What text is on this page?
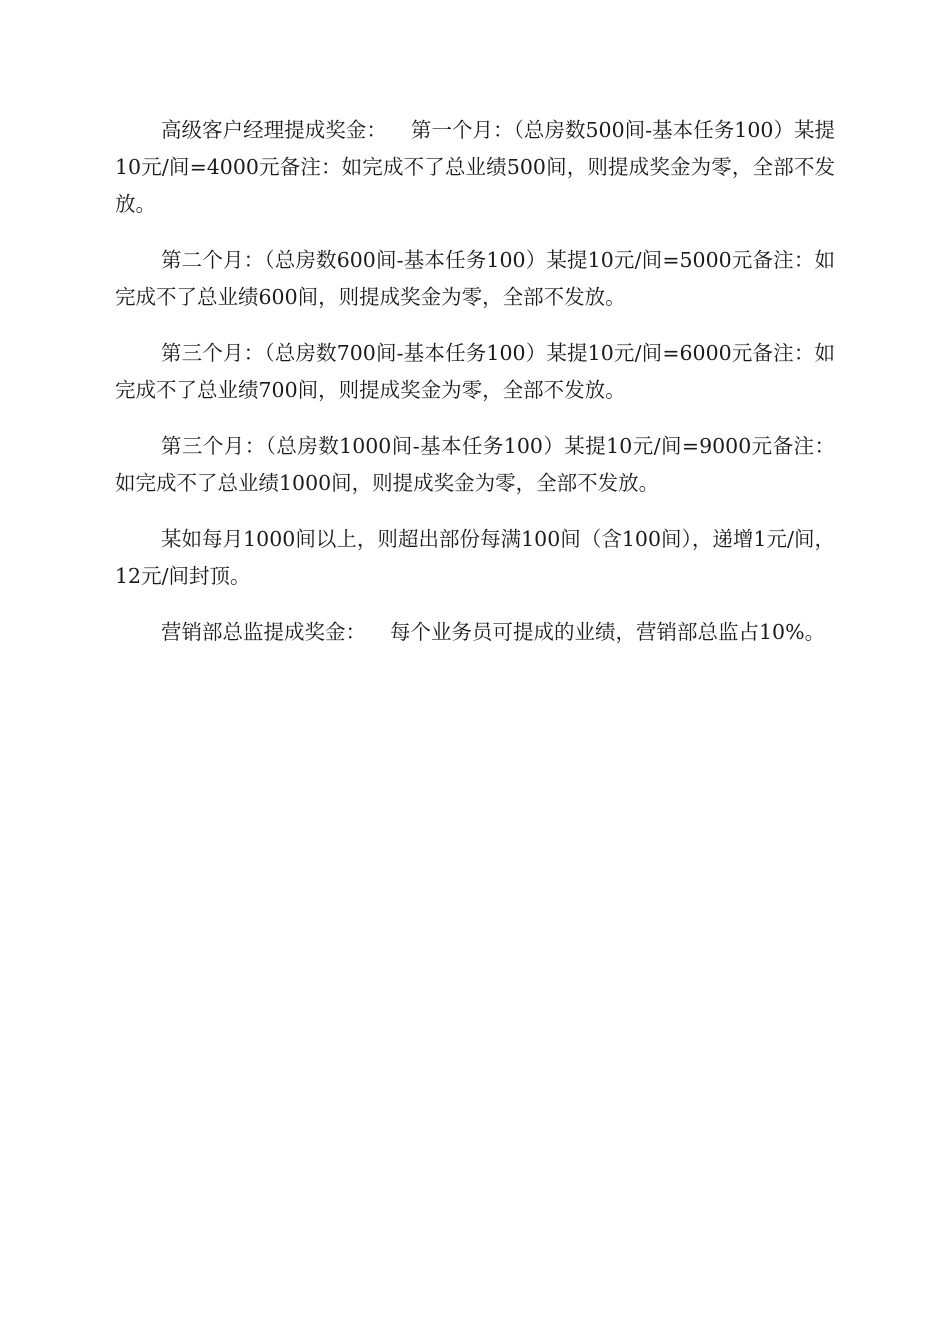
高级客户经理提成奖金： 第一个月：（总房数500间-基本任务100）某提10元/间=4000元备注：如完成不了总业绩500间，则提成奖金为零，全部不发放。

第二个月：（总房数600间-基本任务100）某提10元/间=5000元备注：如完成不了总业绩600间，则提成奖金为零，全部不发放。

第三个月：（总房数700间-基本任务100）某提10元/间=6000元备注：如完成不了总业绩700间，则提成奖金为零，全部不发放。

第三个月：（总房数1000间-基本任务100）某提10元/间=9000元备注：如完成不了总业绩1000间，则提成奖金为零，全部不发放。

某如每月1000间以上，则超出部份每满100间（含100间），递增1元/间，12元/间封顶。

营销部总监提成奖金： 每个业务员可提成的业绩，营销部总监占10%。
